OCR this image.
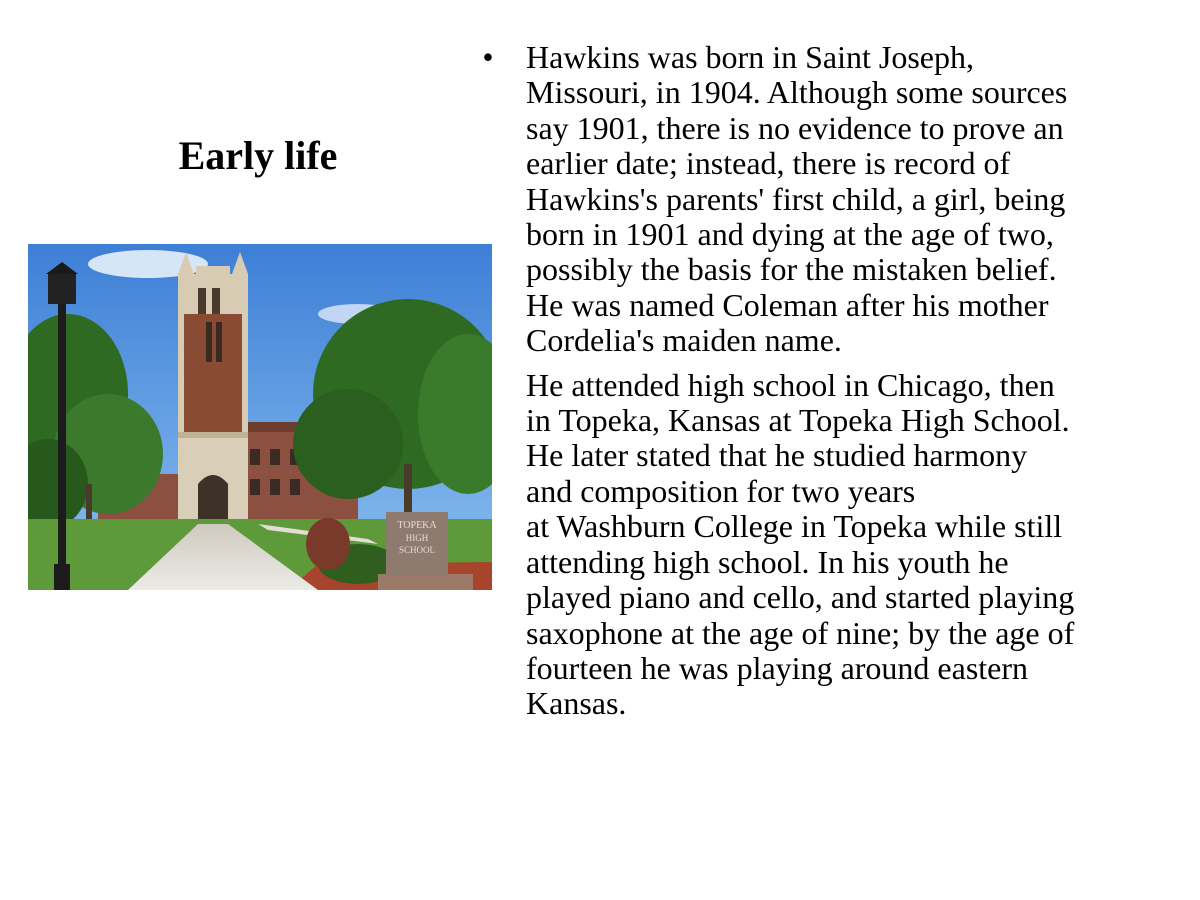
Early life
TOPEKA
HIGH
SCHOOL
• Hawkins was born in Saint Joseph,
Missouri, in 1904. Although some sources
say 1901, there is no evidence to prove an
earlier date; instead, there is record of
Hawkins's parents' first child, a girl, being
born in 1901 and dying at the age of two,
possibly the basis for the mistaken belief.
He was named Coleman after his mother
Cordelia's maiden name.
He attended high school in Chicago, then
in Topeka, Kansas at Topeka High School.
He later stated that he studied harmony
and composition for two years
at Washburn College in Topeka while still
attending high school. In his youth he
played piano and cello, and started playing
saxophone at the age of nine; by the age of
fourteen he was playing around eastern
Kansas.
